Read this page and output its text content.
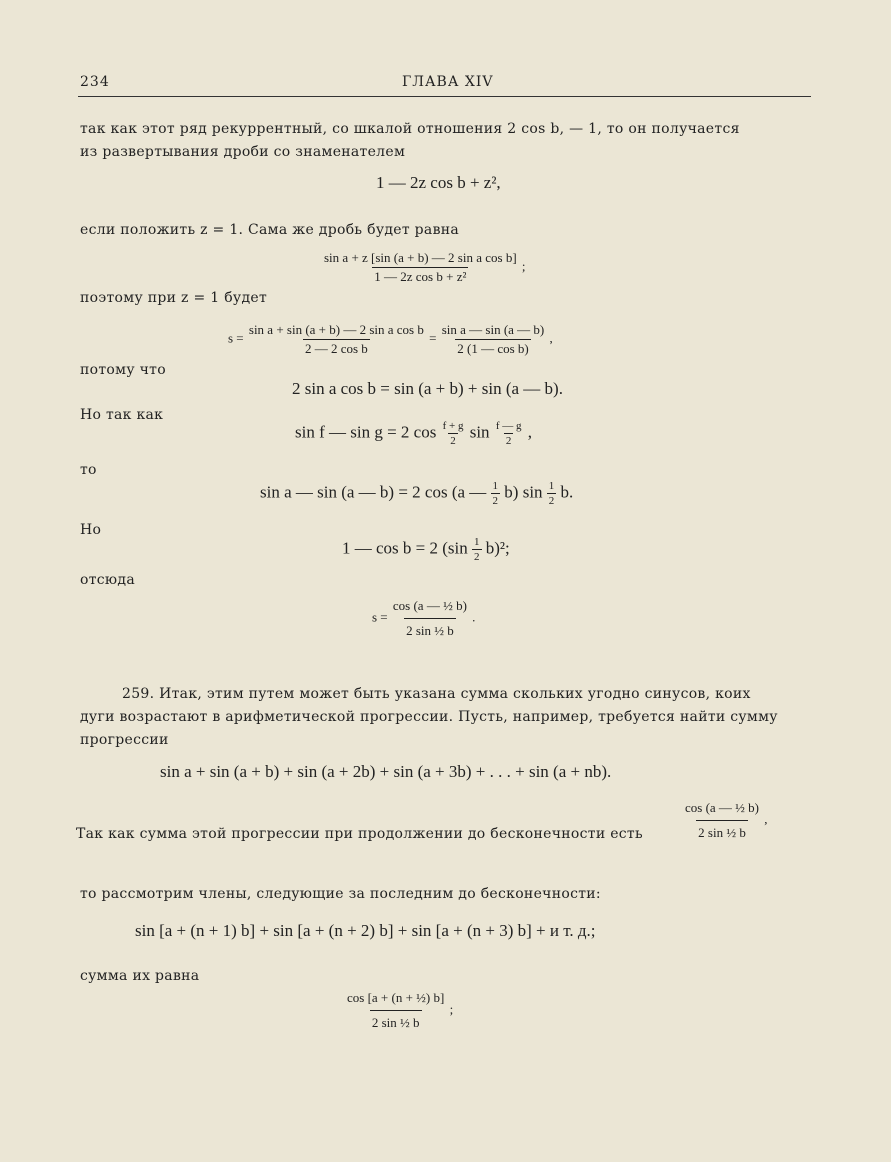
234	ГЛАВА XIV
так как этот ряд рекуррентный, со шкалой отношения 2 cos b, — 1, то он получается
из развертывания дроби со знаменателем
1 — 2z cos b + z²,
если положить z = 1. Сама же дробь будет равна
$\frac{\text{sin a + z [sin (a + b) — 2 sin a cos b]}}{\text{1 — 2z cos b + z²}}$ ;
поэтому при z = 1 будет
$s = \frac{\text{sin a + sin (a + b) — 2 sin a cos b}}{\text{2 — 2 cos b}} = \frac{\text{sin a — sin (a — b)}}{\text{2 (1 — cos b)}}$ ,
потому что
2 sin a cos b = sin (a + b) + sin (a — b).
Но так как
sin f — sin g = 2 $\cos \frac{f + g}{2}$ $\sin \frac{f — g}{2}$ ,
то
sin a — sin (a — b) = 2 cos (a — $\frac{1}{2} b$) $\sin \frac{1}{2} b$.
Но
1 — cos b = 2 $(\sin \frac{1}{2} b)^2$;
отсюда
$s = \frac{\text{cos (a — ½ b)}}{\text{2 sin ½ b}}$ .
259. Итак, этим путем может быть указана сумма скольких угодно синусов, коих
дуги возрастают в арифметической прогрессии. Пусть, например, требуется найти сумму
прогрессии
sin a + sin (a + b) + sin (a + 2b) + sin (a + 3b) + . . . + sin (a + nb).
Так как сумма этой прогрессии при продолжении до бесконечности есть	$\frac{\text{cos (a — ½ b)}}{\text{2 sin ½ b}}$ ,
то рассмотрим члены, следующие за последним до бесконечности:
sin [a + (n + 1) b] + sin [a + (n + 2) b] + sin [a + (n + 3) b] + и т. д.;
сумма их равна
$\frac{\text{cos [a + (n + ½) b]}}{\text{2 sin ½ b}}$ ;
